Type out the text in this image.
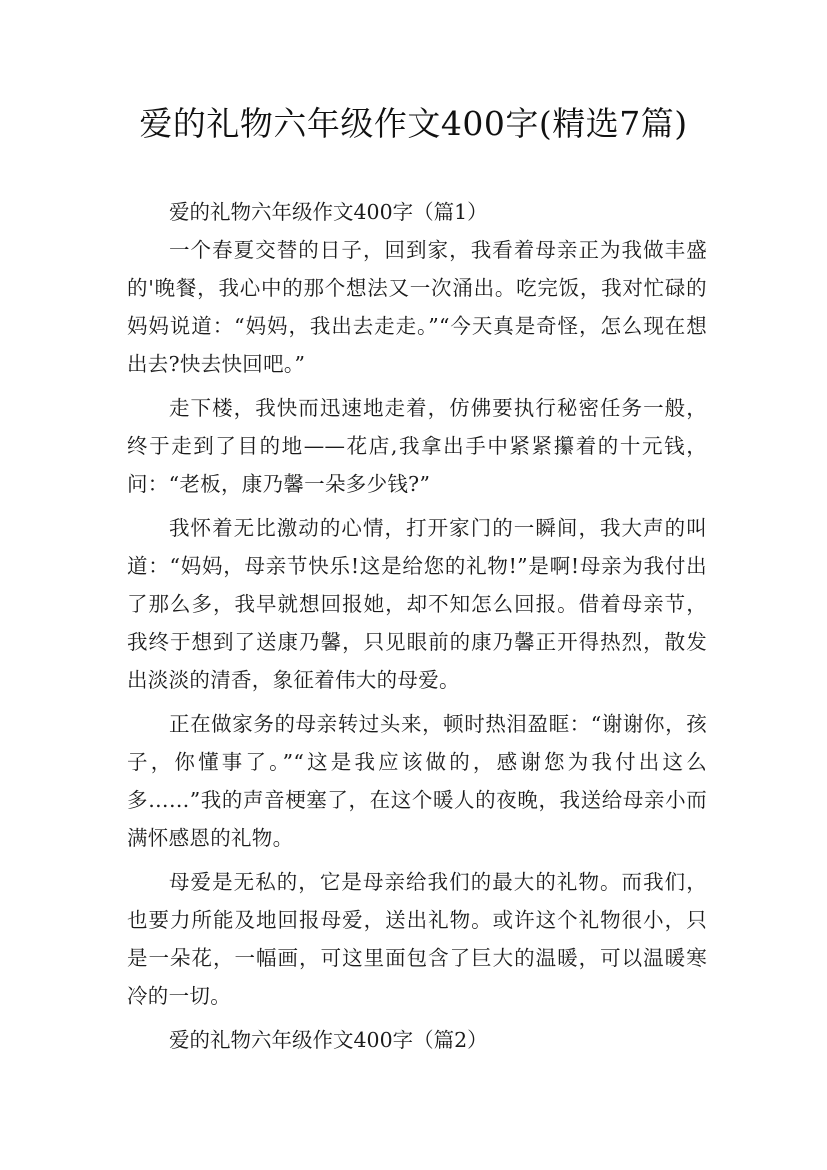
爱的礼物六年级作文400字(精选7篇)
爱的礼物六年级作文400字（篇1）

一个春夏交替的日子，回到家，我看着母亲正为我做丰盛的'晚餐，我心中的那个想法又一次涌出。吃完饭，我对忙碌的妈妈说道：“妈妈，我出去走走。”“今天真是奇怪，怎么现在想出去?快去快回吧。”

走下楼，我快而迅速地走着，仿佛要执行秘密任务一般，终于走到了目的地——花店,我拿出手中紧紧攥着的十元钱，问：“老板，康乃馨一朵多少钱?”

我怀着无比激动的心情，打开家门的一瞬间，我大声的叫道：“妈妈，母亲节快乐!这是给您的礼物!”是啊!母亲为我付出了那么多，我早就想回报她，却不知怎么回报。借着母亲节，我终于想到了送康乃馨，只见眼前的康乃馨正开得热烈，散发出淡淡的清香，象征着伟大的母爱。

正在做家务的母亲转过头来，顿时热泪盈眶：“谢谢你，孩子，你懂事了。”“这是我应该做的，感谢您为我付出这么多……”我的声音梗塞了，在这个暖人的夜晚，我送给母亲小而满怀感恩的礼物。

母爱是无私的，它是母亲给我们的最大的礼物。而我们，也要力所能及地回报母爱，送出礼物。或许这个礼物很小，只是一朵花，一幅画，可这里面包含了巨大的温暖，可以温暖寒冷的一切。

爱的礼物六年级作文400字（篇2）
